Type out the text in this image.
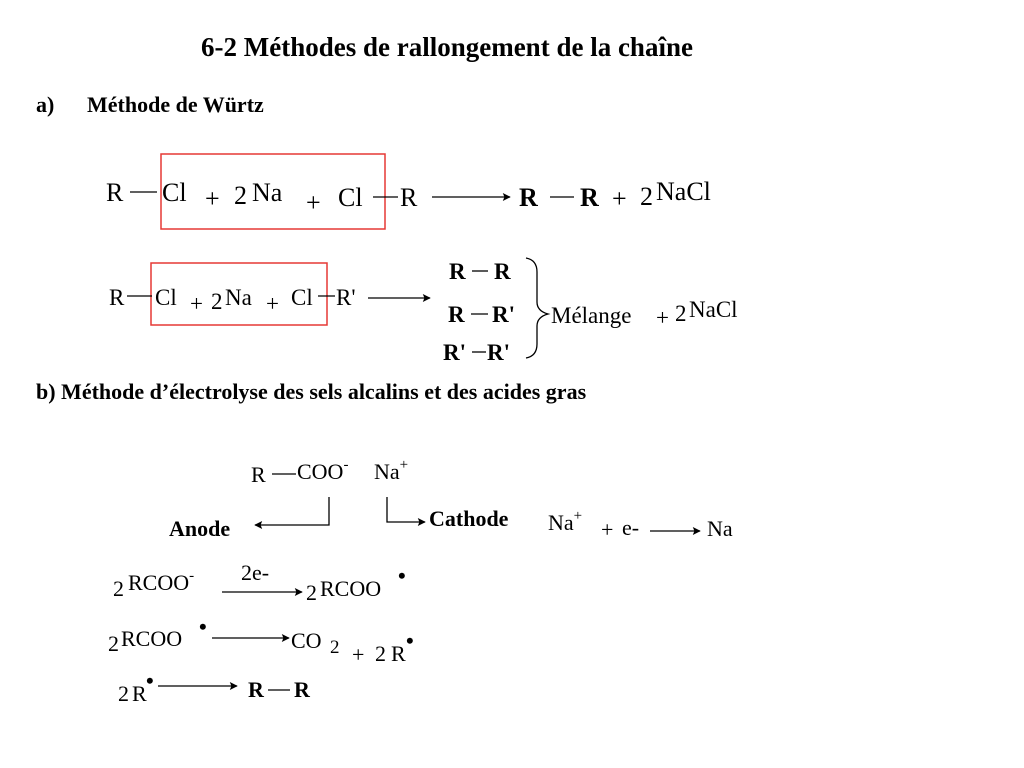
6-2 Méthodes de rallongement de la chaîne
a) Méthode de Würtz
R Cl + 2 Na + Cl R	R R + 2 NaCl
R Cl + 2 Na + Cl R'
R R
R R'
R' R'
Mélange + 2 NaCl
b) Méthode d’électrolyse des sels alcalins et des acides gras
R COO- Na+
Anode	Cathode Na+
+ e-	Na
2 RCOO- 2e-
2 RCOO
•
2 RCOO •
CO 2 + 2 R
•
2 R
•	R R
